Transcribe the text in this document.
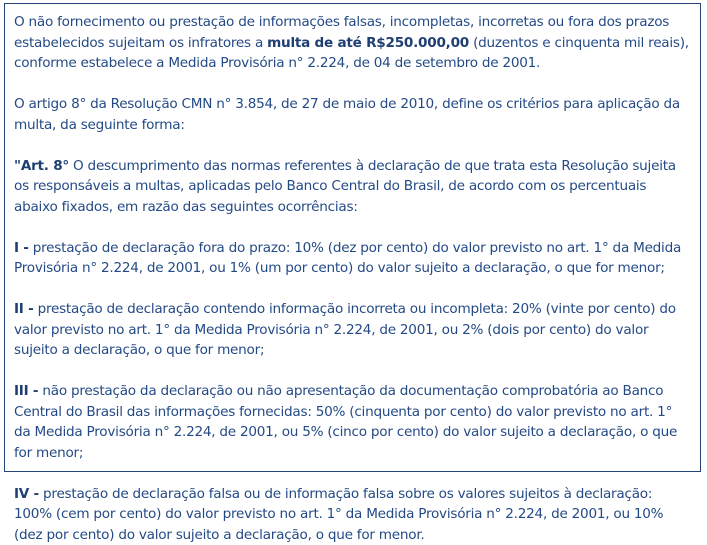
O não fornecimento ou prestação de informações falsas, incompletas, incorretas ou fora dos prazos estabelecidos sujeitam os infratores a multa de até R$250.000,00 (duzentos e cinquenta mil reais), conforme estabelece a Medida Provisória n° 2.224, de 04 de setembro de 2001.

O artigo 8° da Resolução CMN n° 3.854, de 27 de maio de 2010, define os critérios para aplicação da multa, da seguinte forma:

"Art. 8° O descumprimento das normas referentes à declaração de que trata esta Resolução sujeita os responsáveis a multas, aplicadas pelo Banco Central do Brasil, de acordo com os percentuais abaixo fixados, em razão das seguintes ocorrências:

I - prestação de declaração fora do prazo: 10% (dez por cento) do valor previsto no art. 1° da Medida Provisória n° 2.224, de 2001, ou 1% (um por cento) do valor sujeito a declaração, o que for menor;

II - prestação de declaração contendo informação incorreta ou incompleta: 20% (vinte por cento) do valor previsto no art. 1° da Medida Provisória n° 2.224, de 2001, ou 2% (dois por cento) do valor sujeito a declaração, o que for menor;

III - não prestação da declaração ou não apresentação da documentação comprobatória ao Banco Central do Brasil das informações fornecidas: 50% (cinquenta por cento) do valor previsto no art. 1° da Medida Provisória n° 2.224, de 2001, ou 5% (cinco por cento) do valor sujeito a declaração, o que for menor;

IV - prestação de declaração falsa ou de informação falsa sobre os valores sujeitos à declaração: 100% (cem por cento) do valor previsto no art. 1° da Medida Provisória n° 2.224, de 2001, ou 10% (dez por cento) do valor sujeito a declaração, o que for menor.
